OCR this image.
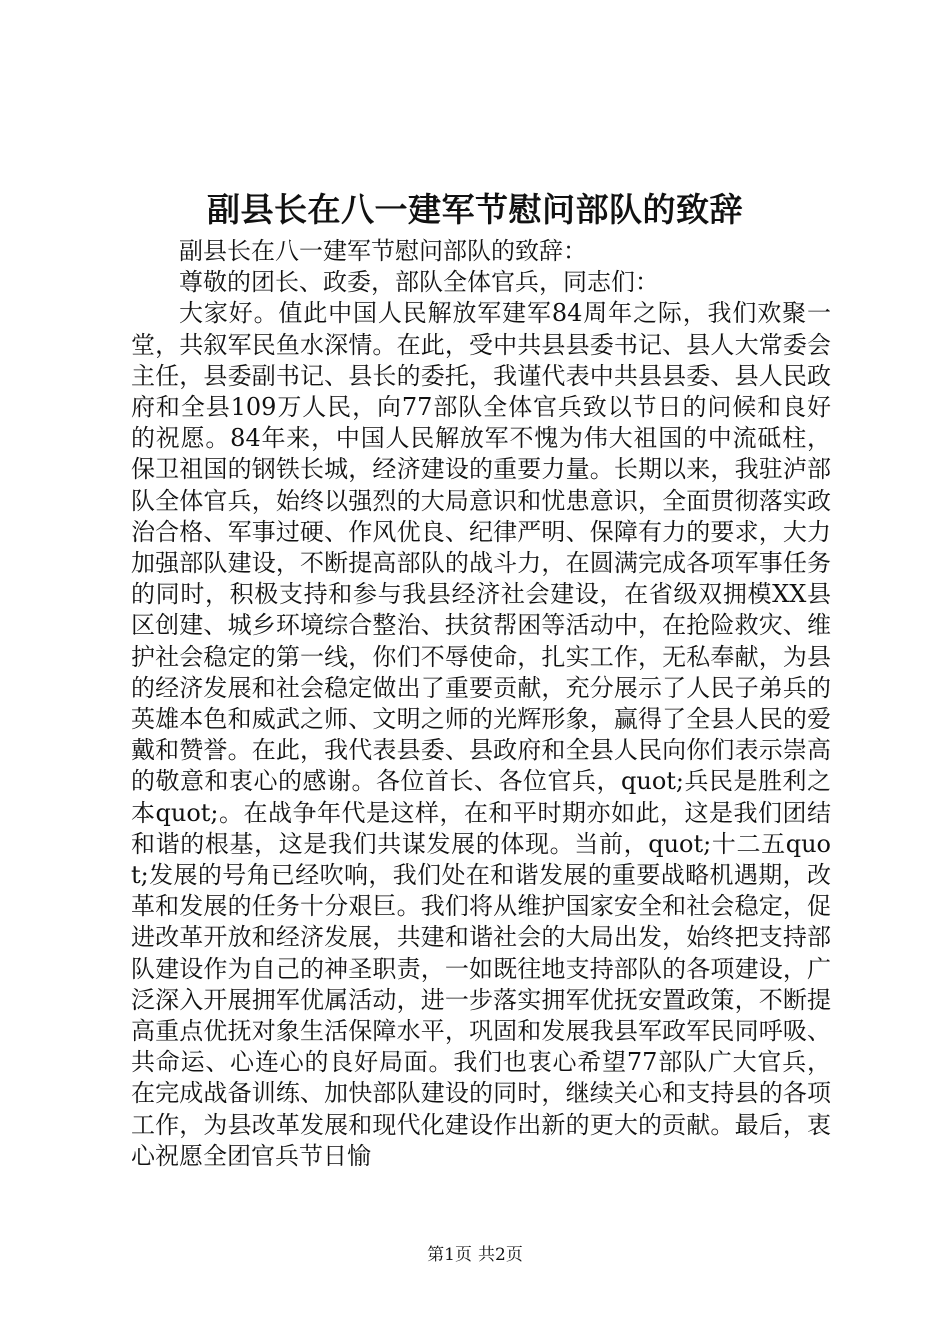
副县长在八一建军节慰问部队的致辞

副县长在八一建军节慰问部队的致辞：

尊敬的团长、政委，部队全体官兵，同志们：

大家好。值此中国人民解放军建军84周年之际，我们欢聚一堂，共叙军民鱼水深情。在此，受中共县县委书记、县人大常委会主任，县委副书记、县长的委托，我谨代表中共县县委、县人民政府和全县109万人民，向77部队全体官兵致以节日的问候和良好的祝愿。84年来，中国人民解放军不愧为伟大祖国的中流砥柱，保卫祖国的钢铁长城，经济建设的重要力量。长期以来，我驻泸部队全体官兵，始终以强烈的大局意识和忧患意识，全面贯彻落实政治合格、军事过硬、作风优良、纪律严明、保障有力的要求，大力加强部队建设，不断提高部队的战斗力，在圆满完成各项军事任务的同时，积极支持和参与我县经济社会建设，在省级双拥模XX县区创建、城乡环境综合整治、扶贫帮困等活动中，在抢险救灾、维护社会稳定的第一线，你们不辱使命，扎实工作，无私奉献，为县的经济发展和社会稳定做出了重要贡献，充分展示了人民子弟兵的英雄本色和威武之师、文明之师的光辉形象，赢得了全县人民的爱戴和赞誉。在此，我代表县委、县政府和全县人民向你们表示崇高的敬意和衷心的感谢。各位首长、各位官兵，quot;兵民是胜利之本quot;。在战争年代是这样，在和平时期亦如此，这是我们团结和谐的根基，这是我们共谋发展的体现。当前，quot;十二五quot;发展的号角已经吹响，我们处在和谐发展的重要战略机遇期，改革和发展的任务十分艰巨。我们将从维护国家安全和社会稳定，促进改革开放和经济发展，共建和谐社会的大局出发，始终把支持部队建设作为自己的神圣职责，一如既往地支持部队的各项建设，广泛深入开展拥军优属活动，进一步落实拥军优抚安置政策，不断提高重点优抚对象生活保障水平，巩固和发展我县军政军民同呼吸、共命运、心连心的良好局面。我们也衷心希望77部队广大官兵，在完成战备训练、加快部队建设的同时，继续关心和支持县的各项工作，为县改革发展和现代化建设作出新的更大的贡献。最后，衷心祝愿全团官兵节日愉

第1页 共2页
